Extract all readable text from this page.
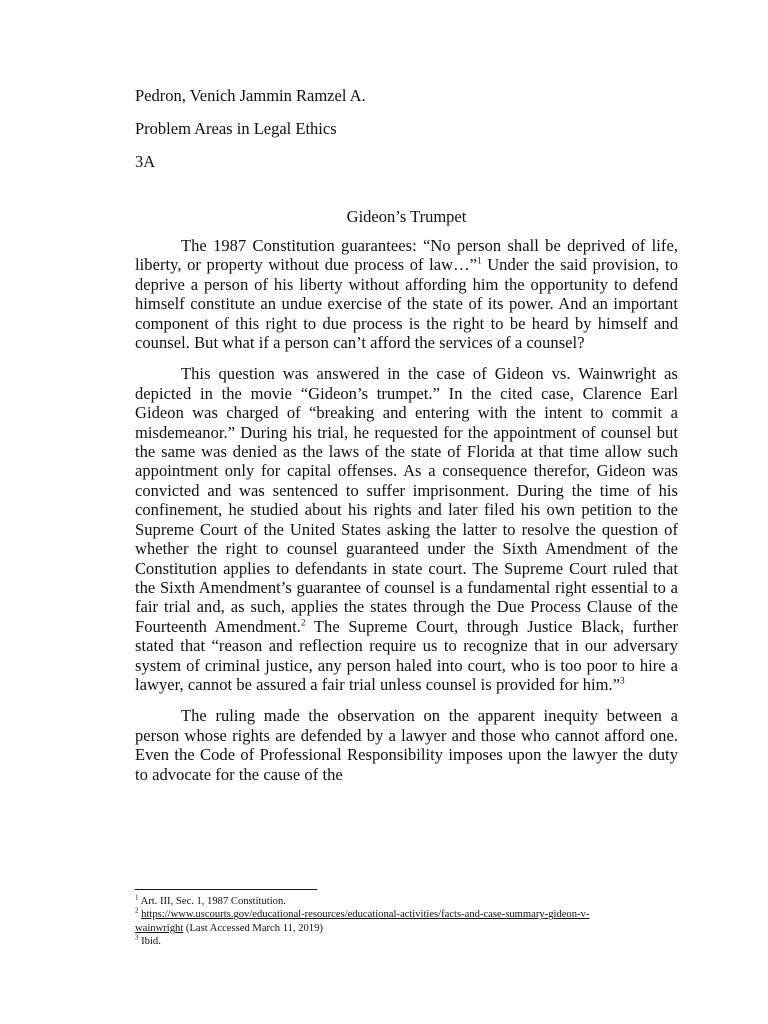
Pedron, Venich Jammin Ramzel A.

Problem Areas in Legal Ethics

3A

Gideon’s Trumpet

The 1987 Constitution guarantees: “No person shall be deprived of life, liberty, or property without due process of law…”$^1$ Under the said provision, to deprive a person of his liberty without affording him the opportunity to defend himself constitute an undue exercise of the state of its power. And an important component of this right to due process is the right to be heard by himself and counsel. But what if a person can’t afford the services of a counsel?

This question was answered in the case of Gideon vs. Wainwright as depicted in the movie “Gideon’s trumpet.” In the cited case, Clarence Earl Gideon was charged of “breaking and entering with the intent to commit a misdemeanor.” During his trial, he requested for the appointment of counsel but the same was denied as the laws of the state of Florida at that time allow such appointment only for capital offenses. As a consequence therefor, Gideon was convicted and was sentenced to suffer imprisonment. During the time of his confinement, he studied about his rights and later filed his own petition to the Supreme Court of the United States asking the latter to resolve the question of whether the right to counsel guaranteed under the Sixth Amendment of the Constitution applies to defendants in state court. The Supreme Court ruled that the Sixth Amendment’s guarantee of counsel is a fundamental right essential to a fair trial and, as such, applies the states through the Due Process Clause of the Fourteenth Amendment.$^2$ The Supreme Court, through Justice Black, further stated that “reason and reflection require us to recognize that in our adversary system of criminal justice, any person haled into court, who is too poor to hire a lawyer, cannot be assured a fair trial unless counsel is provided for him.”$^3$

The ruling made the observation on the apparent inequity between a person whose rights are defended by a lawyer and those who cannot afford one. Even the Code of Professional Responsibility imposes upon the lawyer the duty to advocate for the cause of the

$^1$ Art. III, Sec. 1, 1987 Constitution.

$^2$ https://www.uscourts.gov/educational-resources/educational-activities/facts-and-case-summary-gideon-v-wainwright (Last Accessed March 11, 2019)

$^3$ Ibid.
